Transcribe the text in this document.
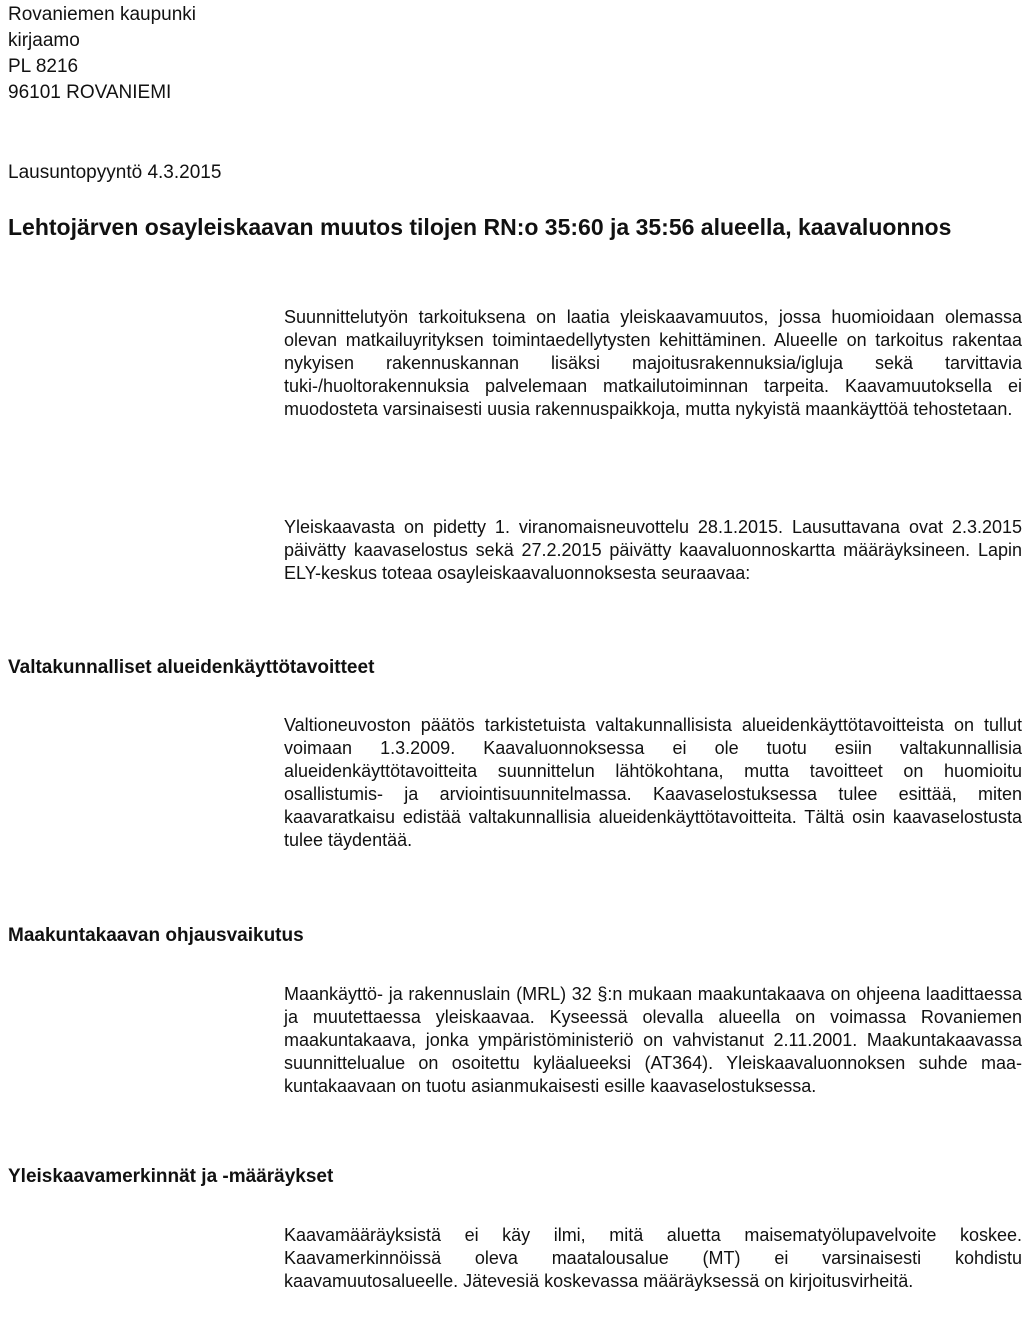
Rovaniemen kaupunki
kirjaamo
PL 8216
96101 ROVANIEMI
Lausuntopyyntö 4.3.2015
Lehtojärven osayleiskaavan muutos tilojen RN:o 35:60 ja 35:56 alueella, kaavaluonnos
Suunnittelutyön tarkoituksena on laatia yleiskaavamuutos, jossa huomioidaan olemassa olevan matkailuyrityksen toimintaedellytysten kehittäminen. Alueelle on tarkoitus rakentaa nykyisen rakennuskannan lisäksi majoitusrakennuksia/igluja sekä tarvittavia tuki-/huoltorakennuksia palvelemaan matkailutoiminnan tarpeita. Kaavamuutoksella ei muodosteta varsinaisesti uusia rakennuspaikkoja, mutta nykyistä maankäyttöä tehostetaan.
Yleiskaavasta on pidetty 1. viranomaisneuvottelu 28.1.2015. Lausuttavana ovat 2.3.2015 päivätty kaavaselostus sekä 27.2.2015 päivätty kaavaluonnoskartta määräyksineen. Lapin ELY-keskus toteaa osayleiskaavaluonnoksesta seuraavaa:
Valtakunnalliset alueidenkäyttötavoitteet
Valtioneuvoston päätös tarkistetuista valtakunnallisista alueidenkäyttötavoitteista on tullut voimaan 1.3.2009. Kaavaluonnoksessa ei ole tuotu esiin valtakunnallisia alueidenkäyttötavoitteita suunnittelun lähtökohtana, mutta tavoitteet on huomioitu osallistumis- ja arviointisuunnitelmassa. Kaavaselostuksessa tulee esittää, miten kaavaratkaisu edistää valtakunnallisia alueidenkäyttötavoitteita. Tältä osin kaavaselostusta tulee täydentää.
Maakuntakaavan ohjausvaikutus
Maankäyttö- ja rakennuslain (MRL) 32 §:n mukaan maakuntakaava on ohjeena laadittaessa ja muutettaessa yleiskaavaa. Kyseessä olevalla alueella on voimassa Rovaniemen maakuntakaava, jonka ympäristöministeriö on vahvistanut 2.11.2001. Maakuntakaavassa suunnittelualue on osoitettu kyläalueeksi (AT364). Yleiskaavaluonnoksen suhde maakuntakaavaan on tuotu asianmukaisesti esille kaavaselostuksessa.
Yleiskaavamerkinnät ja -määräykset
Kaavamääräyksistä ei käy ilmi, mitä aluetta maisematyölupavelvoite koskee. Kaavamerkinnöissä oleva maatalousalue (MT) ei varsinaisesti kohdistu kaavamuutosalueelle. Jätevesiä koskevassa määräyksessä on kirjoitusvirheitä.
